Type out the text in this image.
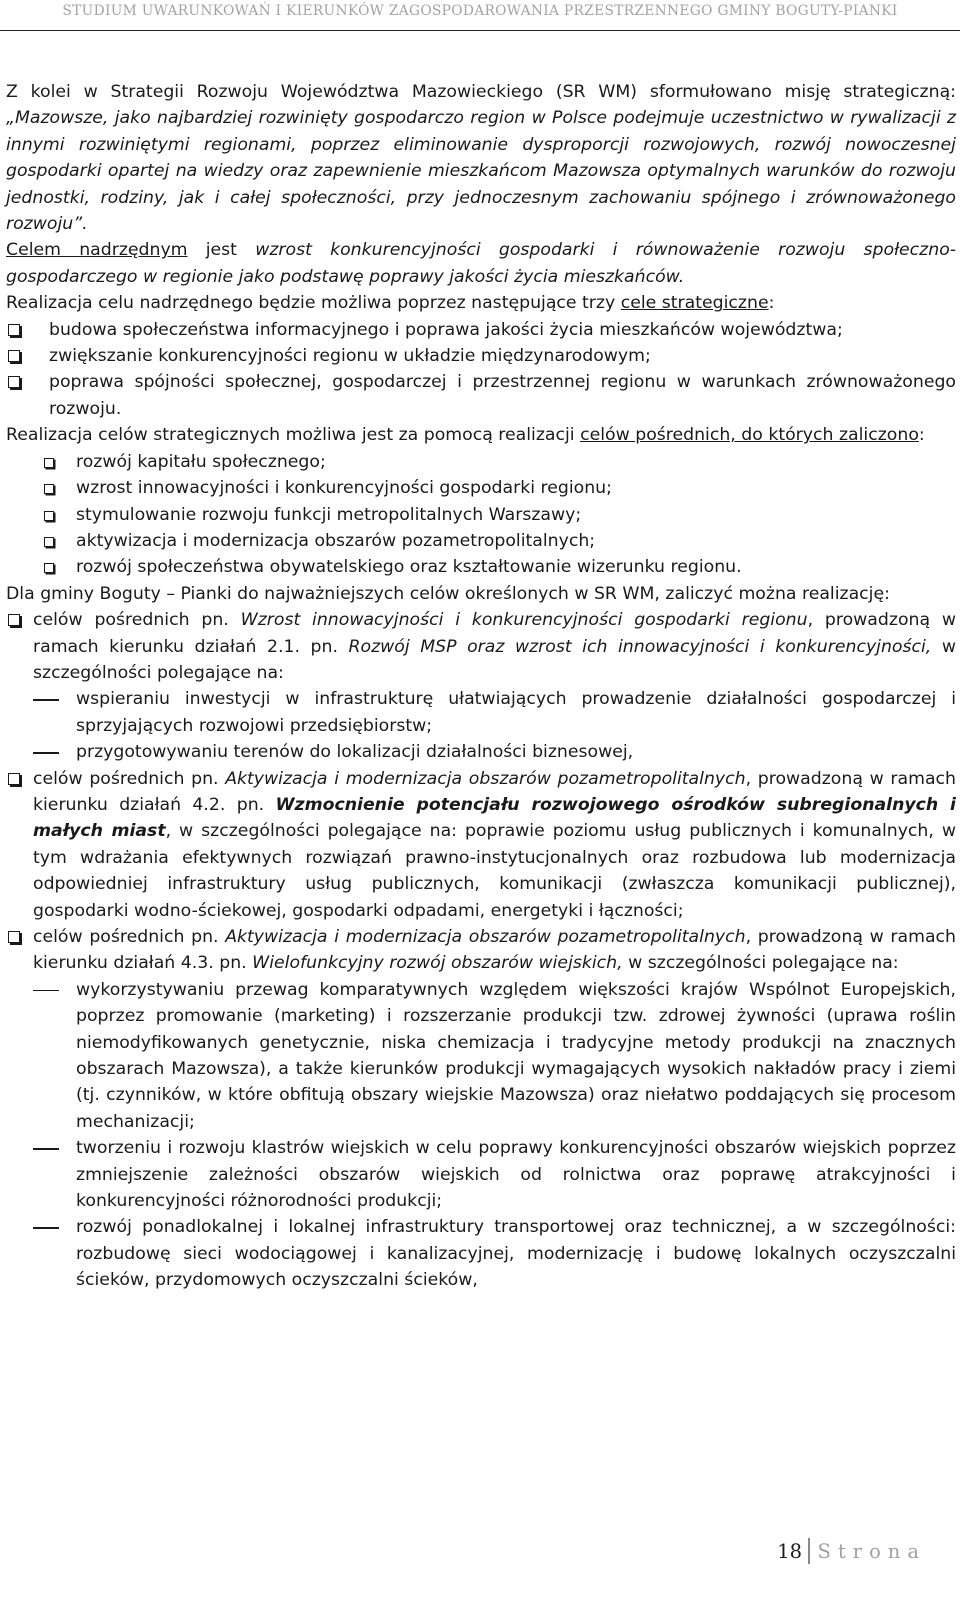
STUDIUM UWARUNKOWAŃ I KIERUNKÓW ZAGOSPODAROWANIA PRZESTRZENNEGO GMINY BOGUTY-PIANKI

Z kolei w Strategii Rozwoju Województwa Mazowieckiego (SR WM) sformułowano misję strategiczną: „Mazowsze, jako najbardziej rozwinięty gospodarczo region w Polsce podejmuje uczestnictwo w rywalizacji z innymi rozwiniętymi regionami, poprzez eliminowanie dysproporcji rozwojowych, rozwój nowoczesnej gospodarki opartej na wiedzy oraz zapewnienie mieszkańcom Mazowsza optymalnych warunków do rozwoju jednostki, rodziny, jak i całej społeczności, przy jednoczesnym zachowaniu spójnego i zrównoważonego rozwoju”.

Celem nadrzędnym jest wzrost konkurencyjności gospodarki i równoważenie rozwoju społeczno-gospodarczego w regionie jako podstawę poprawy jakości życia mieszkańców.

Realizacja celu nadrzędnego będzie możliwa poprzez następujące trzy cele strategiczne:

budowa społeczeństwa informacyjnego i poprawa jakości życia mieszkańców województwa;
zwiększanie konkurencyjności regionu w układzie międzynarodowym;
poprawa spójności społecznej, gospodarczej i przestrzennej regionu w warunkach zrównoważonego rozwoju.

Realizacja celów strategicznych możliwa jest za pomocą realizacji celów pośrednich, do których zaliczono:

rozwój kapitału społecznego;
wzrost innowacyjności i konkurencyjności gospodarki regionu;
stymulowanie rozwoju funkcji metropolitalnych Warszawy;
aktywizacja i modernizacja obszarów pozametropolitalnych;
rozwój społeczeństwa obywatelskiego oraz kształtowanie wizerunku regionu.

Dla gminy Boguty – Pianki do najważniejszych celów określonych w SR WM, zaliczyć można realizację:

celów pośrednich pn. Wzrost innowacyjności i konkurencyjności gospodarki regionu, prowadzoną w ramach kierunku działań 2.1. pn. Rozwój MSP oraz wzrost ich innowacyjności i konkurencyjności, w szczególności polegające na:
wspieraniu inwestycji w infrastrukturę ułatwiających prowadzenie działalności gospodarczej i sprzyjających rozwojowi przedsiębiorstw;
przygotowywaniu terenów do lokalizacji działalności biznesowej,
celów pośrednich pn. Aktywizacja i modernizacja obszarów pozametropolitalnych, prowadzoną w ramach kierunku działań 4.2. pn. Wzmocnienie potencjału rozwojowego ośrodków subregionalnych i małych miast, w szczególności polegające na: poprawie poziomu usług publicznych i komunalnych, w tym wdrażania efektywnych rozwiązań prawno-instytucjonalnych oraz rozbudowa lub modernizacja odpowiedniej infrastruktury usług publicznych, komunikacji (zwłaszcza komunikacji publicznej), gospodarki wodno-ściekowej, gospodarki odpadami, energetyki i łączności;
celów pośrednich pn. Aktywizacja i modernizacja obszarów pozametropolitalnych, prowadzoną w ramach kierunku działań 4.3. pn. Wielofunkcyjny rozwój obszarów wiejskich, w szczególności polegające na:
wykorzystywaniu przewag komparatywnych względem większości krajów Wspólnot Europejskich, poprzez promowanie (marketing) i rozszerzanie produkcji tzw. zdrowej żywności (uprawa roślin niemodyfikowanych genetycznie, niska chemizacja i tradycyjne metody produkcji na znacznych obszarach Mazowsza), a także kierunków produkcji wymagających wysokich nakładów pracy i ziemi (tj. czynników, w które obfitują obszary wiejskie Mazowsza) oraz niełatwo poddających się procesom mechanizacji;
tworzeniu i rozwoju klastrów wiejskich w celu poprawy konkurencyjności obszarów wiejskich poprzez zmniejszenie zależności obszarów wiejskich od rolnictwa oraz poprawę atrakcyjności i konkurencyjności różnorodności produkcji;
rozwój ponadlokalnej i lokalnej infrastruktury transportowej oraz technicznej, a w szczególności: rozbudowę sieci wodociągowej i kanalizacyjnej, modernizację i budowę lokalnych oczyszczalni ścieków, przydomowych oczyszczalni ścieków,
18 Strona
